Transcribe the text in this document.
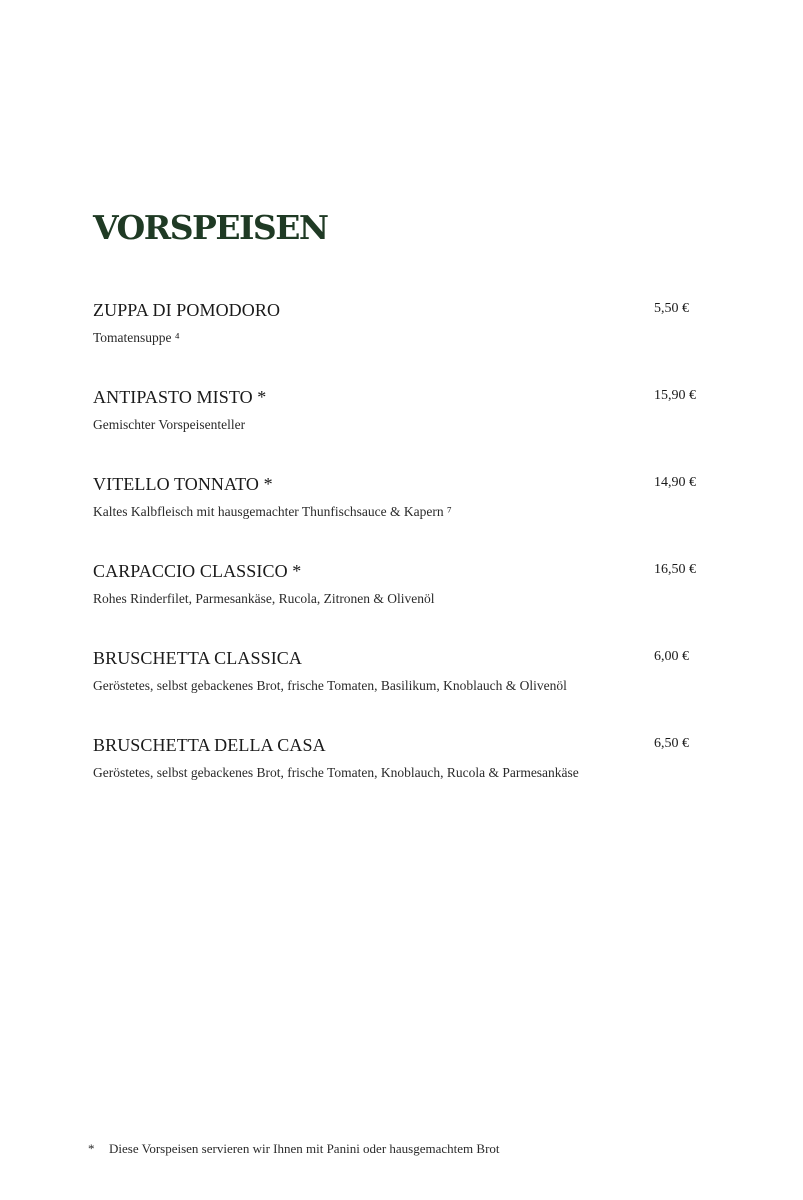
VORSPEISEN
ZUPPA DI POMODORO	5,50 €
Tomatensuppe ⁴
ANTIPASTO MISTO *	15,90 €
Gemischter Vorspeisenteller
VITELLO TONNATO *	14,90 €
Kaltes Kalbfleisch mit hausgemachter Thunfischsauce & Kapern ⁷
CARPACCIO CLASSICO *	16,50 €
Rohes Rinderfilet, Parmesankäse, Rucola, Zitronen & Olivenöl
BRUSCHETTA CLASSICA	6,00 €
Geröstetes, selbst gebackenes Brot, frische Tomaten, Basilikum, Knoblauch & Olivenöl
BRUSCHETTA DELLA CASA	6,50 €
Geröstetes, selbst gebackenes Brot, frische Tomaten, Knoblauch, Rucola & Parmesankäse
* Diese Vorspeisen servieren wir Ihnen mit Panini oder hausgemachtem Brot
